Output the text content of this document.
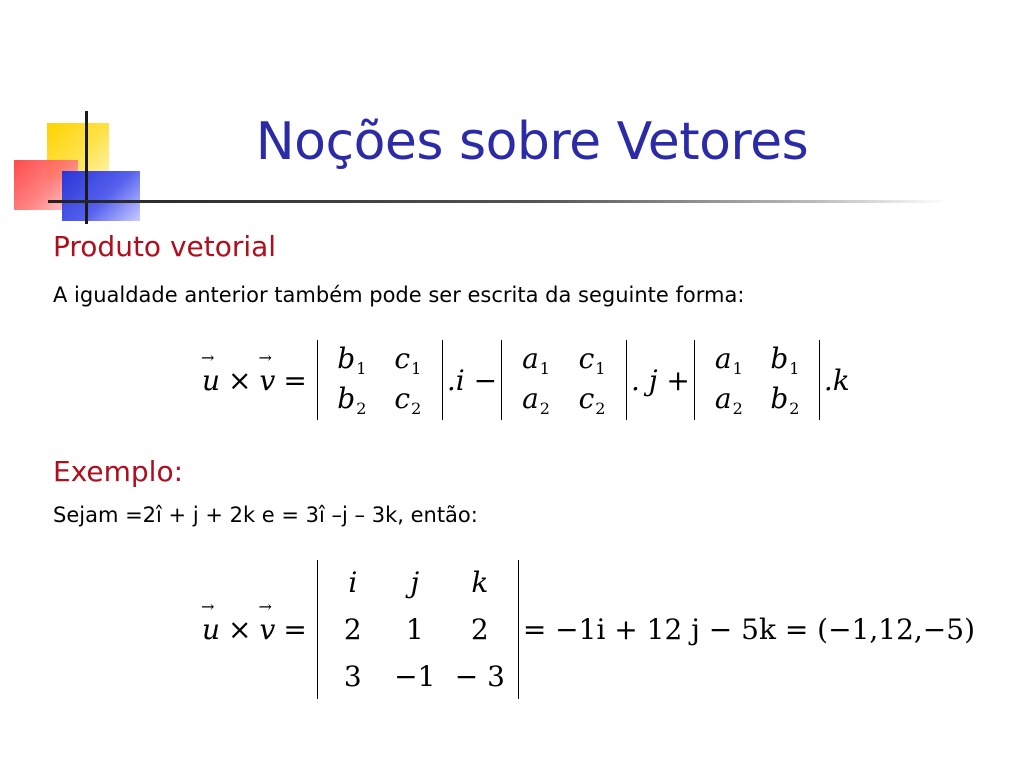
Noções sobre Vetores
Produto vetorial
A igualdade anterior também pode ser escrita da seguinte forma:
→
u ×
→
v =
$b_1$	$c_1$
$b_2$	$c_2$
.i −
$a_1$	$c_1$
$a_2$	$c_2$
. j +
$a_1$ $b_1$
$a_2$ $b_2$
.k
Exemplo:
Sejam =2î + j + 2k e = 3î –j – 3k, então:
→
u ×
→
v =
i	j	k
2	1	2
3	−1 − 3
= −1i + 12 j − 5k = (−1,12,−5)
